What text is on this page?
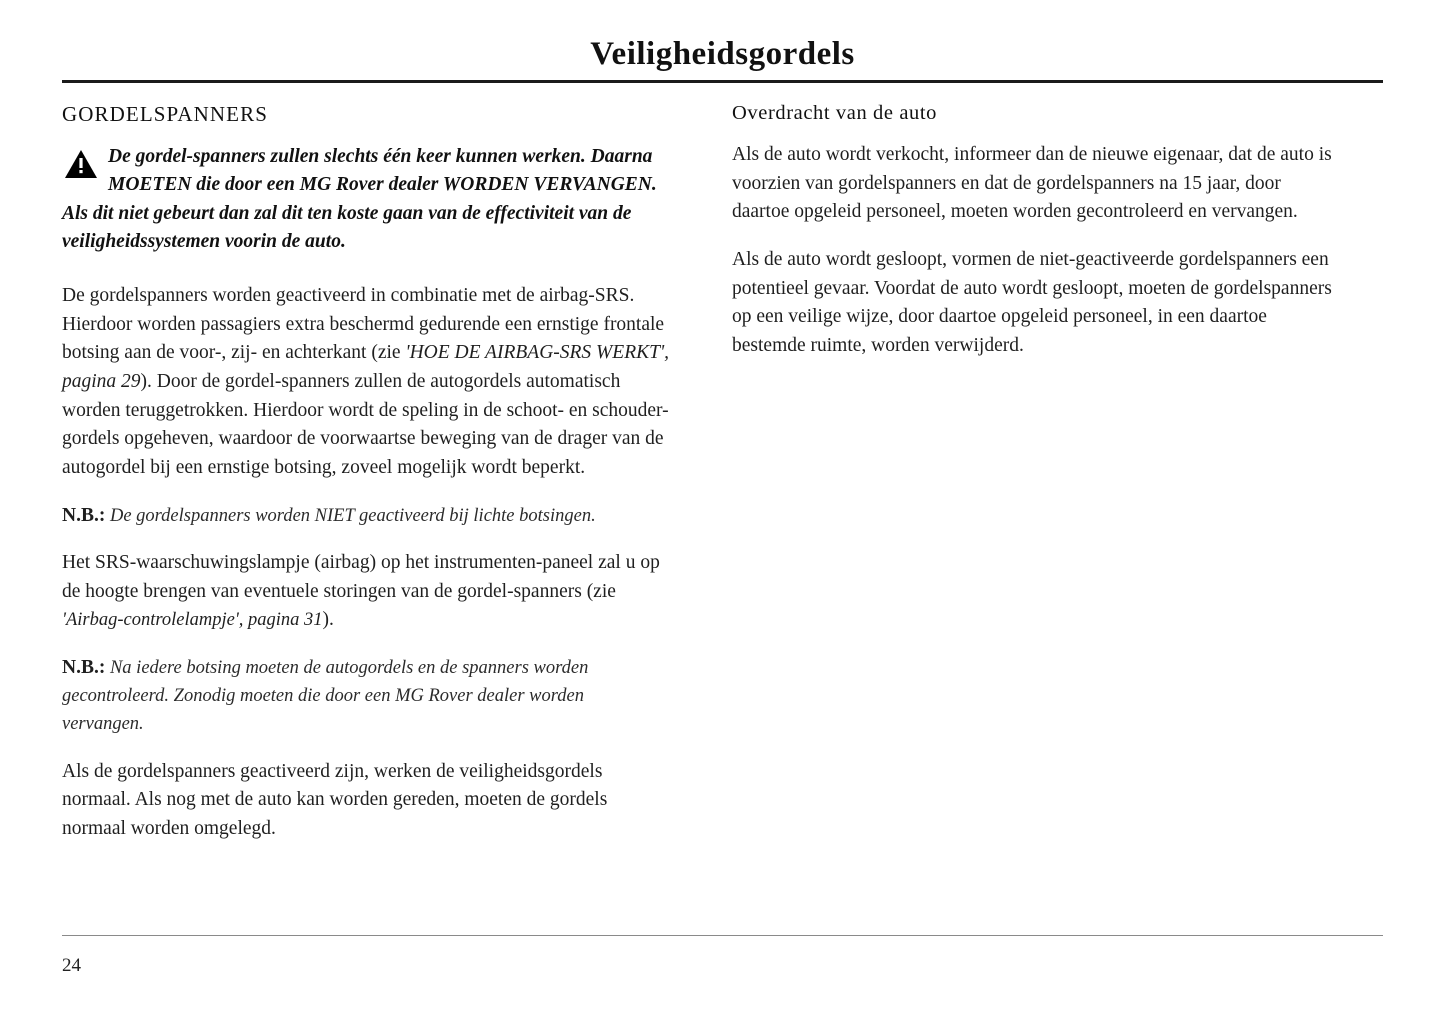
Veiligheidsgordels
GORDELSPANNERS
De gordel-spanners zullen slechts één keer kunnen werken. Daarna MOETEN die door een MG Rover dealer WORDEN VERVANGEN. Als dit niet gebeurt dan zal dit ten koste gaan van de effectiviteit van de veiligheidssystemen voorin de auto.

De gordelspanners worden geactiveerd in combinatie met de airbag-SRS. Hierdoor worden passagiers extra beschermd gedurende een ernstige frontale botsing aan de voor-, zij- en achterkant (zie 'HOE DE AIRBAG-SRS WERKT', pagina 29). Door de gordel-spanners zullen de autogordels automatisch worden teruggetrokken. Hierdoor wordt de speling in de schoot- en schouder-gordels opgeheven, waardoor de voorwaartse beweging van de drager van de autogordel bij een ernstige botsing, zoveel mogelijk wordt beperkt.

N.B.: De gordelspanners worden NIET geactiveerd bij lichte botsingen.

Het SRS-waarschuwingslampje (airbag) op het instrumenten-paneel zal u op de hoogte brengen van eventuele storingen van de gordel-spanners (zie 'Airbag-controlelampje', pagina 31).

N.B.: Na iedere botsing moeten de autogordels en de spanners worden gecontroleerd. Zonodig moeten die door een MG Rover dealer worden vervangen.

Als de gordelspanners geactiveerd zijn, werken de veiligheidsgordels normaal. Als nog met de auto kan worden gereden, moeten de gordels normaal worden omgelegd.

Overdracht van de auto

Als de auto wordt verkocht, informeer dan de nieuwe eigenaar, dat de auto is voorzien van gordelspanners en dat de gordelspanners na 15 jaar, door daartoe opgeleid personeel, moeten worden gecontroleerd en vervangen.

Als de auto wordt gesloopt, vormen de niet-geactiveerde gordelspanners een potentieel gevaar. Voordat de auto wordt gesloopt, moeten de gordelspanners op een veilige wijze, door daartoe opgeleid personeel, in een daartoe bestemde ruimte, worden verwijderd.

24
